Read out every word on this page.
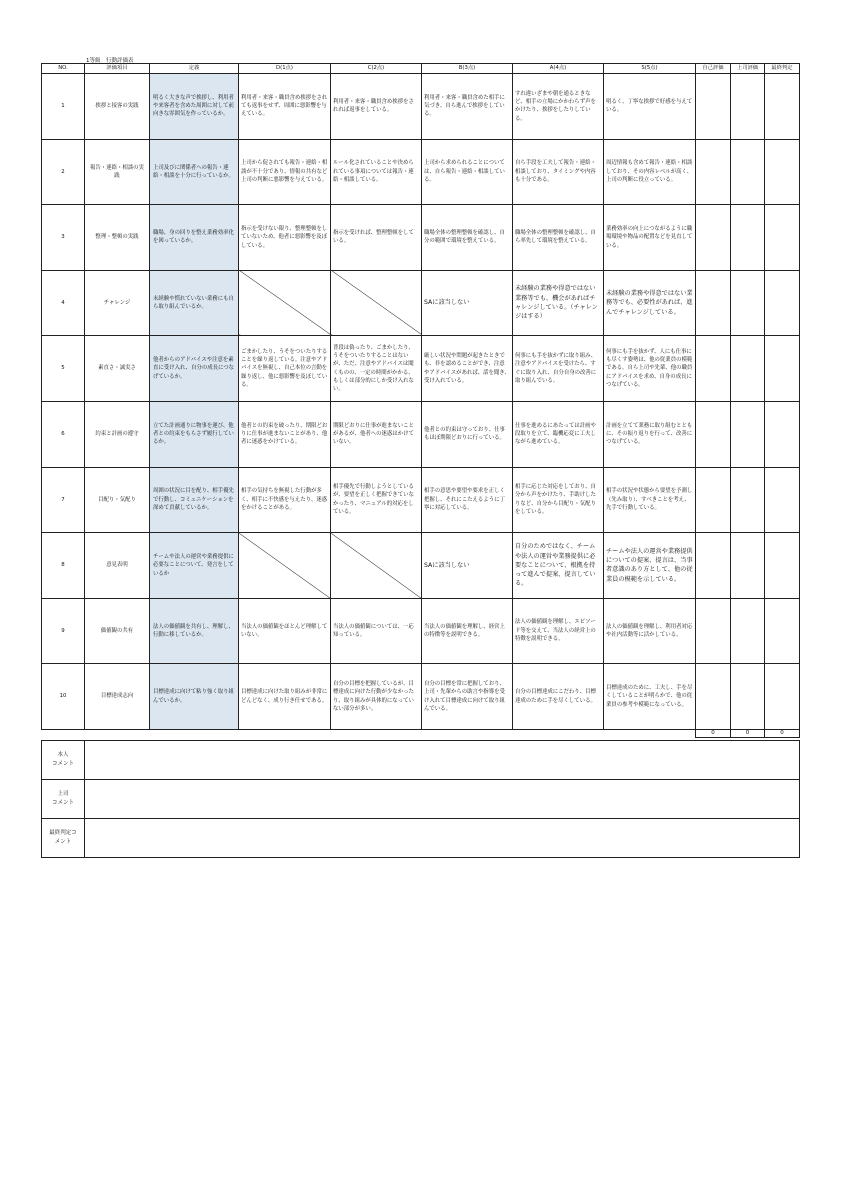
1等級　行動評価表
NO.	評価項目	定義	D(1点)	C(2点)	B(3点)	A(4点)	S(5点)	自己評価	上司評価	最終判定
1	挨拶と接客の実践	明るく大きな声で挨拶し、利用者や来客者を含めた周囲に対して前向きな雰囲気を作っているか。	利用者・来客・職員含め挨拶をされても返事をせず、周囲に悪影響を与えている。	利用者・来客・職員含め挨拶をされれば返事をしている。	利用者・来客・職員含めた相手に気づき、自ら進んで挨拶をしている。	すれ違いざまや朝を通るときなど、相手の立場にかかわらず声をかけたり、挨拶をしたりしている。	明るく、丁寧な挨拶で好感を与えている。			
2	報告・連絡・相談の実践	上司及びに関係者への報告・連絡・相談を十分に行っているか。	上司から促されても報告・連絡・相談が不十分であり、情報の共有など上司の判断に悪影響を与えている。	ルール化されていることや決められている事項については報告・連絡・相談している。	上司から求められることについては、自ら報告・連絡・相談している。	自ら手段を工夫して報告・連絡・相談しており、タイミングや内容も十分である。	周辺情報も含めて報告・連絡・相談しており、その内容レベルが高く、上司の判断に役立っている。			
3	整理・整頓の実践	職場、身の回りを整え業務効率化を図っているか。	指示を受けない限り、整理整頓をしていないため、他者に悪影響を及ぼしている。	指示を受ければ、整理整頓をしている。	職場全体の整理整頓を確認し、自分の範囲で環境を整えている。	職場全体の整理整頓を確認し、自ら率先して環境を整えている。	業務効率の向上につながるように職場環境や物品の配置などを見直している。			
4	チャレンジ	未経験や慣れていない業務にも自ら取り組んでいるか。			SAに該当しない	未経験の業務や得意ではない業務等でも、機会があればチャレンジしている。（チャレンジはする）	未経験の業務や得意ではない業務等でも、必要性があれば、進んでチャレンジしている。			
5	素直さ・誠実さ	他者からのアドバイスや注意を素直に受け入れ、自分の成長につなげているか。	ごまかしたり、うそをついたりすることを繰り返している。注意やアドバイスを無視し、自己本位の言動を繰り返し、他に悪影響を及ぼしている。	普段は偽ったり、ごまかしたり、うそをついたりすることはないが、ただ、注意やアドバイスは聞くものの、一定の時間がかかる、もしくは部分的にしか受け入れない。	厳しい状況や問題が起きたときでも、非を認めることができ、注意やアドバイスがあれば、話を聞き、受け入れている。	何事にも手を抜かずに取り組み、注意やアドバイスを受けたら、すぐに取り入れ、自分自身の改善に取り組んでいる。	何事にも手を抜かず、人にも仕事にも尽くす姿勢は、他の従業員の模範である。自ら上司や先輩、他の職員にアドバイスを求め、自身の成長につなげている。			
6	約束と計画の遵守	立てた計画通りに物事を運び、他者との約束をもらさず履行しているか。	他者との約束を破ったり、期限どおりに仕事が進まないことがあり、他者に迷惑をかけている。	期限どおりに仕事が進まないことがあるが、他者への迷惑はかけていない。	他者との約束は守っており、仕事もほぼ期限どおりに行っている。	仕事を進めるにあたっては計画や段取りを立て、臨機応変に工夫しながら進めている。	計画を立てて業務に取り組むとともに、その振り返りを行って、改善につなげている。			
7	目配り・気配り	周囲の状況に目を配り、相手優先で行動し、コミュニケーションを深めて貢献しているか。	相手の気持ちを無視した行動が多く、相手に不快感を与えたり、迷惑をかけることがある。	相手優先で行動しようとしているが、要望を正しく把握できていなかったり、マニュアル的対応をしている。	相手の意思や要望や要求を正しく把握し、それにこたえるように丁寧に対応している。	相手に応じた対応をしており、自分から声をかけたり、手助けしたりなど、自分から目配り・気配りをしている。	相手の状況や状態から要望を予測し（先み取り）、すべきことを考え、先手で行動している。			
8	意見表明	チームや法人の運営や業務提供に必要なことについて、発言をしているか			SAに該当しない	自分のためではなく、チームや法人の運営や業務提供に必要なことについて、根拠を持って進んで提案、提言している。	チームや法人の運営や業務提供についての提案、提言は、当事者意識のあり方として、他の従業員の模範を示している。			
9	価値観の共有	法人の価値観を共有し、理解し、行動に移しているか。	当法人の価値観をほとんど理解していない。	当法人の価値観については、一応知っている。	当法人の価値観を理解し、経営上の特徴等を説明できる。	法人の価値観を理解し、エピソード等を交えて、当法人の経営上の特徴を説明できる。	法人の価値観を理解し、利用者対応や社内活動等に活かしている。			
10	目標達成志向	目標達成に向けて粘り強く取り組んでいるか。	目標達成に向けた取り組みが非常にどんどなく、成り行き任せである。	自分の目標を把握しているが、目標達成に向けた行動が少なかったり、取り組みが具体的になっていない部分が多い。	自分の目標を常に把握しており、上司・先輩からの助言や指導を受け入れて目標達成に向けて取り組んでいる。	自分の目標達成にこだわり、目標達成のために手を尽くしている。	目標達成のために、工夫し、手を尽くしていることが明らかで、他の従業員の参考や模範になっている。			
								0	0	0
本人
コメント	
上司
コメント	
最終判定コ
メント	
